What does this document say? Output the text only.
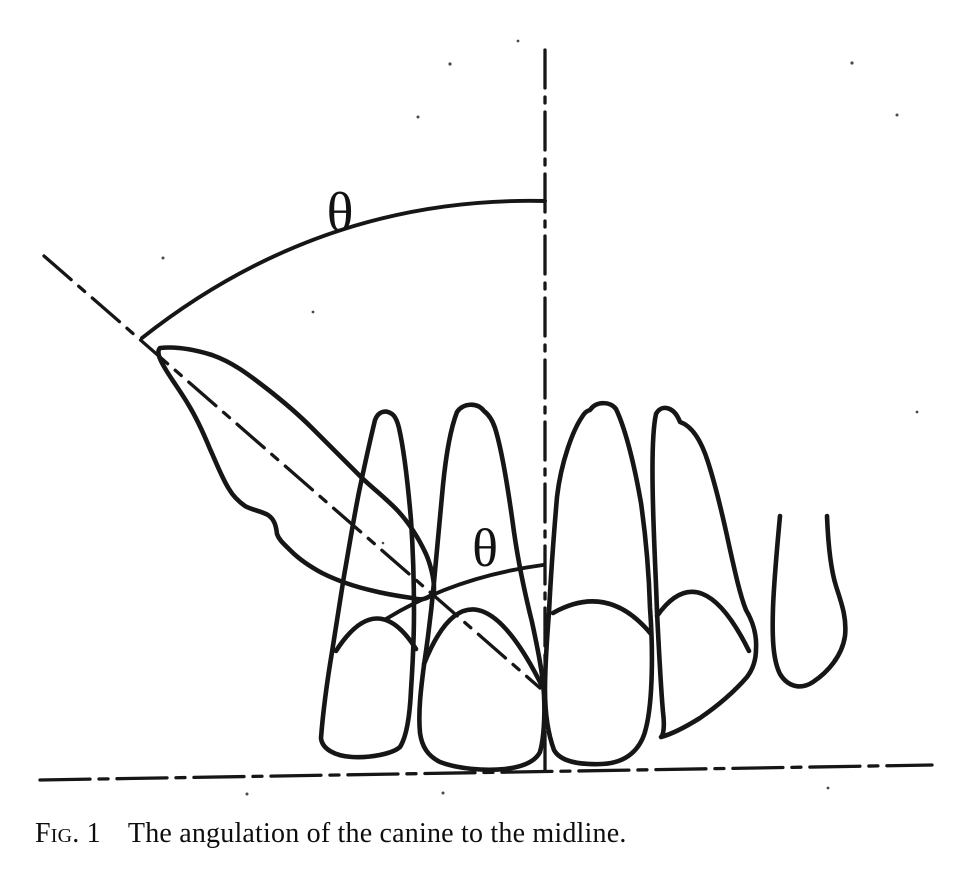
θ
θ
Fig. 1 The angulation of the canine to the midline.
